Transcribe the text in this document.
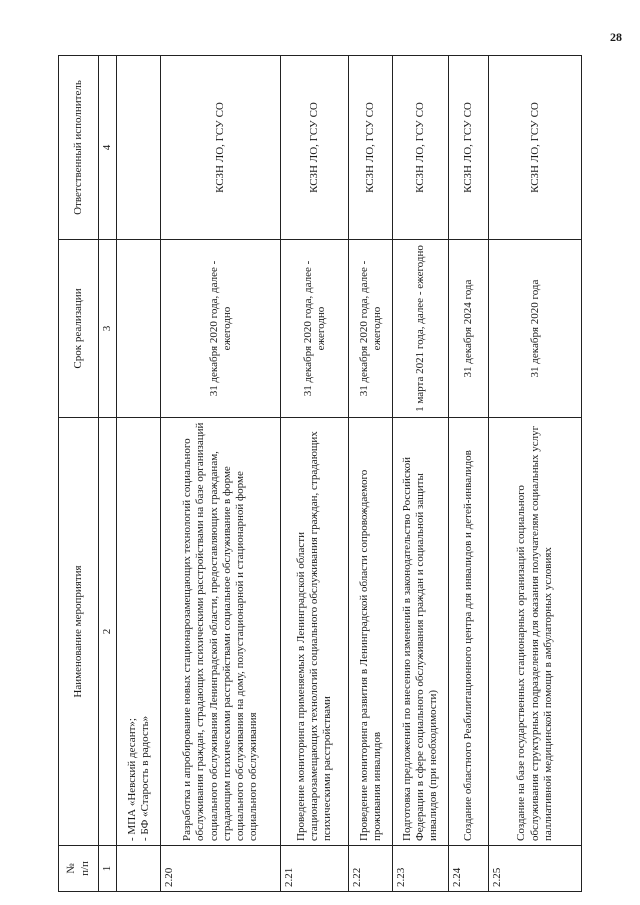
28
№
п/п	Наименование мероприятия	Срок реализации	Ответственный исполнитель
1	2	3	4
	- МПА «Невский десант»;
- БФ «Старость в радость»		
2.20	Разработка и апробирование новых стационарозамещающих технологий социального обслуживания граждан, страдающих психическими расстройствами на базе организаций социального обслуживания Ленинградской области, предоставляющих гражданам, страдающим психическими расстройствами социальное обслуживание в форме социального обслуживания на дому, полустационарной и стационарной форме социального обслуживания	31 декабря 2020 года, далее - ежегодно	КСЗН ЛО, ГСУ СО
2.21	Проведение мониторинга применяемых в Ленинградской области стационарозамещающих технологий социального обслуживания граждан, страдающих психическими расстройствами	31 декабря 2020 года, далее - ежегодно	КСЗН ЛО, ГСУ СО
2.22	Проведение мониторинга развития в Ленинградской области сопровождаемого проживания инвалидов	31 декабря 2020 года, далее - ежегодно	КСЗН ЛО, ГСУ СО
2.23	Подготовка предложений по внесению изменений в законодательство Российской Федерации в сфере социального обслуживания граждан и социальной защиты инвалидов (при необходимости)	1 марта 2021 года, далее - ежегодно	КСЗН ЛО, ГСУ СО
2.24	Создание областного Реабилитационного центра для инвалидов и детей-инвалидов	31 декабря 2024 года	КСЗН ЛО, ГСУ СО
2.25	Создание на базе государственных стационарных организаций социального обслуживания структурных подразделения для оказания получателям социальных услуг паллиативной медицинской помощи в амбулаторных условиях	31 декабря 2020 года	КСЗН ЛО, ГСУ СО
